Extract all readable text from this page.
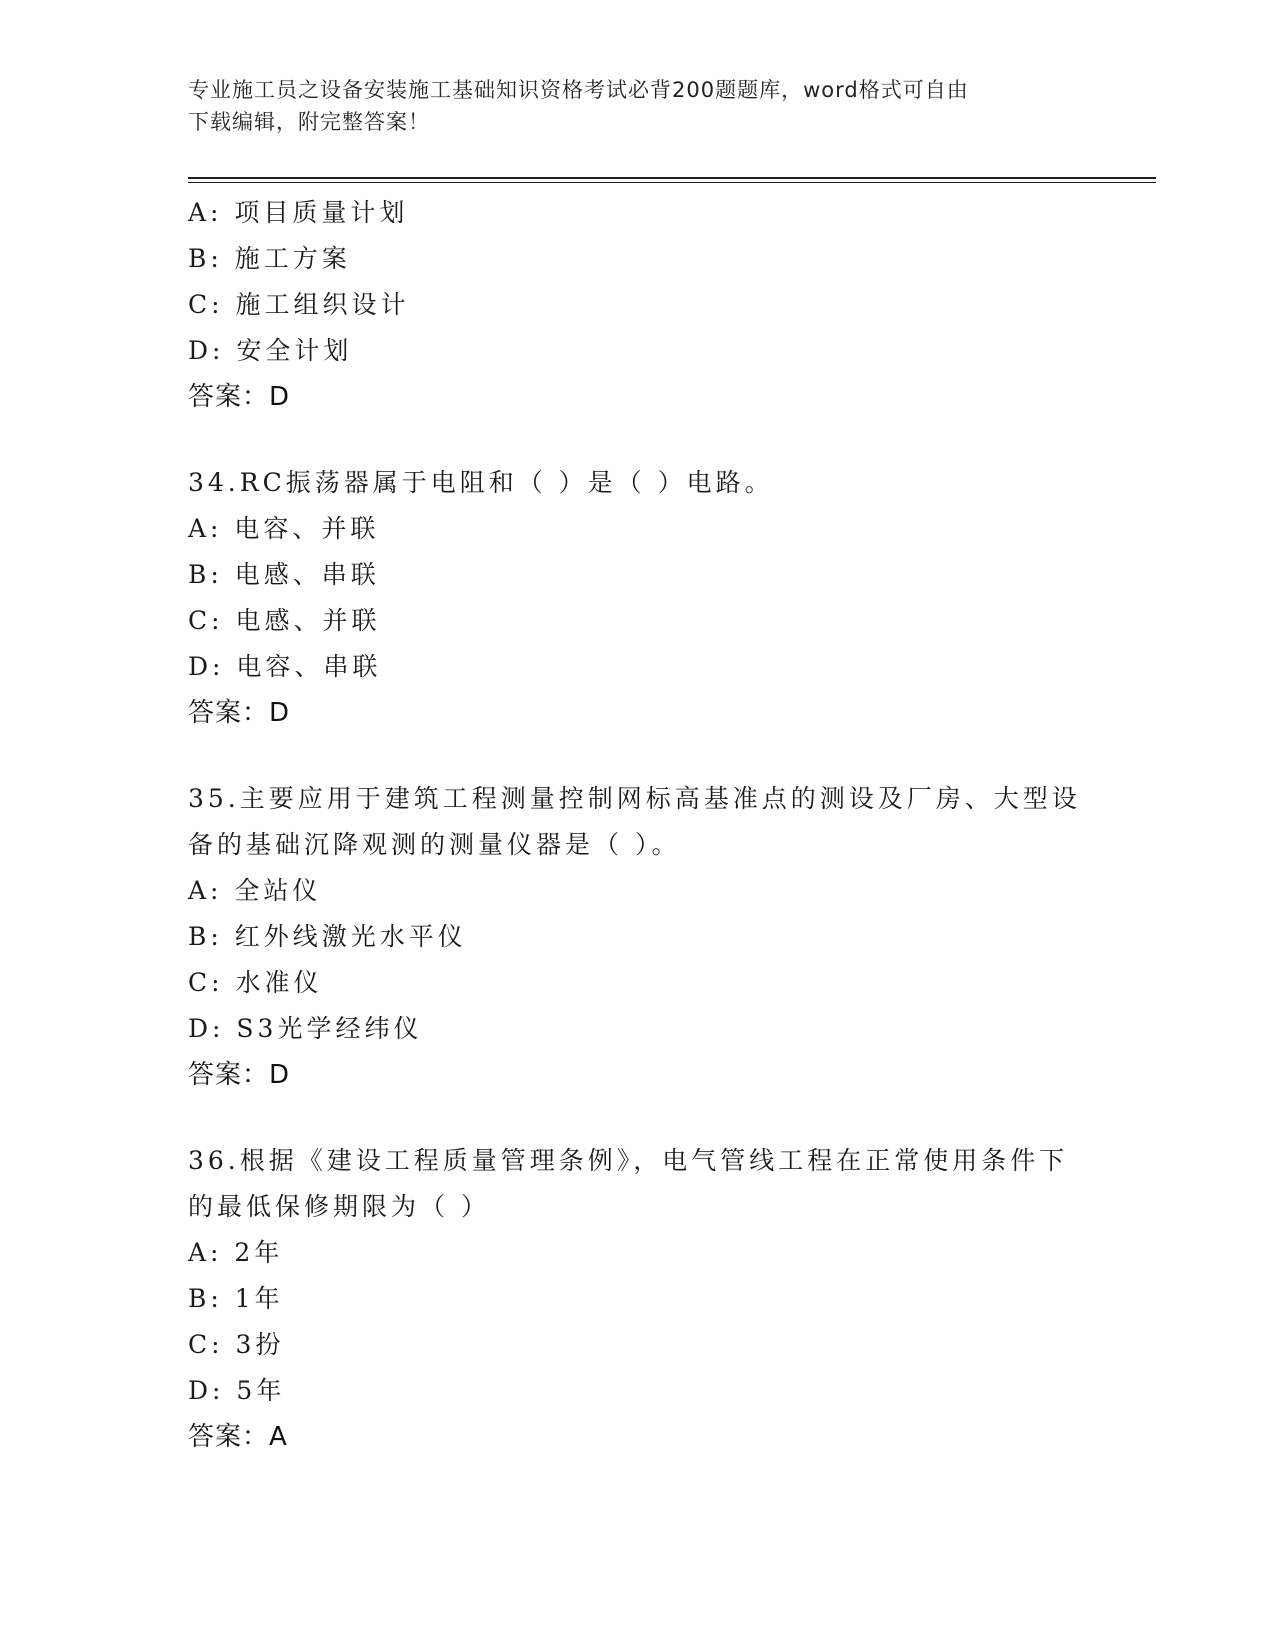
专业施工员之设备安装施工基础知识资格考试必背200题题库，word格式可自由
下载编辑，附完整答案！
A: 项目质量计划
B: 施工方案
C: 施工组织设计
D: 安全计划
答案：D
34.RC振荡器属于电阻和（ ）是（ ）电路。
A: 电容、并联
B: 电感、串联
C: 电感、并联
D: 电容、串联
答案：D
35.主要应用于建筑工程测量控制网标高基准点的测设及厂房、大型设
备的基础沉降观测的测量仪器是（ ）。
A: 全站仪
B: 红外线激光水平仪
C: 水准仪
D: S3光学经纬仪
答案：D
36.根据《建设工程质量管理条例》，电气管线工程在正常使用条件下
的最低保修期限为（ ）
A: 2年
B: 1年
C: 3扮
D: 5年
答案：A
